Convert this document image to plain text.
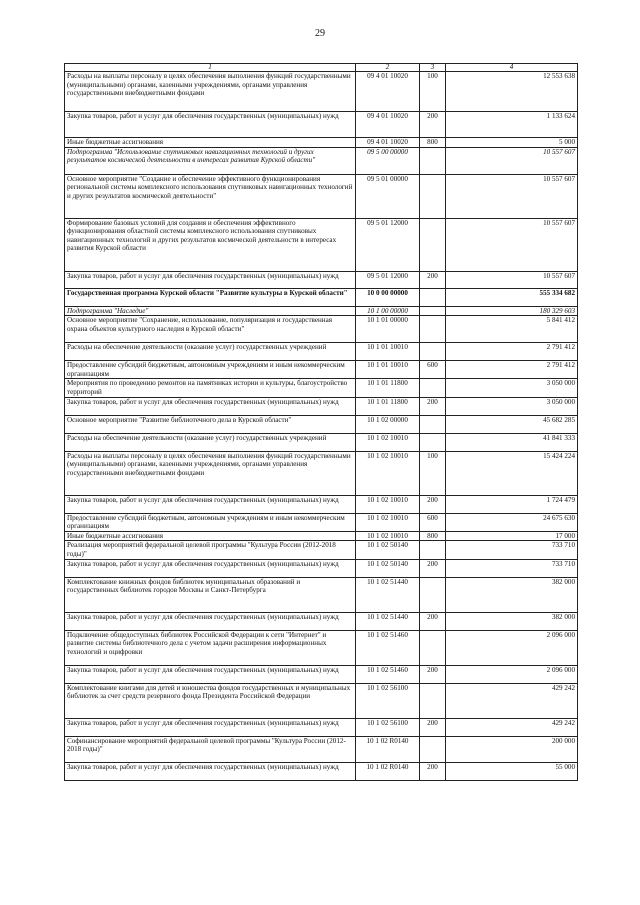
29
1	2	3	4
Расходы на выплаты персоналу в целях обеспечения выполнения функций государственными (муниципальными) органами, казенными учреждениями, органами управления государственными внебюджетными фондами	09 4 01 10020	100	12 553 638
Закупка товаров, работ и услуг для обеспечения государственных (муниципальных) нужд	09 4 01 10020	200	1 133 624
Иные бюджетные ассигнования	09 4 01 10020	800	5 000
Подпрограмма "Использование спутниковых навигационных технологий и других результатов космической деятельности в интересах развития Курской области"	09 5 00 00000		10 557 607
Основное мероприятие "Создание и обеспечение эффективного функционирования региональной системы комплексного использования спутниковых навигационных технологий и других результатов космической деятельности"	09 5 01 00000		10 557 607
Формирование базовых условий для создания и обеспечения эффективного функционирования областной системы комплексного использования спутниковых навигационных технологий и других результатов космической деятельности в интересах развития Курской области	09 5 01 12000		10 557 607
Закупка товаров, работ и услуг для обеспечения государственных (муниципальных) нужд	09 5 01 12000	200	10 557 607
Государственная программа Курской области "Развитие культуры в Курской области"	10 0 00 00000		555 334 682
Подпрограмма "Наследие"	10 1 00 00000		180 329 603
Основное мероприятие "Сохранение, использование, популяризация и государственная охрана объектов культурного наследия в Курской области"	10 1 01 00000		5 841 412
Расходы на обеспечение деятельности (оказание услуг) государственных учреждений	10 1 01 10010		2 791 412
Предоставление субсидий бюджетным, автономным учреждениям и иным некоммерческим организациям	10 1 01 10010	600	2 791 412
Мероприятия по проведению ремонтов на памятниках истории и культуры, благоустройство территорий	10 1 01 11800		3 050 000
Закупка товаров, работ и услуг для обеспечения государственных (муниципальных) нужд	10 1 01 11800	200	3 050 000
Основное мероприятие "Развитие библиотечного дела в Курской области"	10 1 02 00000		45 682 285
Расходы на обеспечение деятельности (оказание услуг) государственных учреждений	10 1 02 10010		41 841 333
Расходы на выплаты персоналу в целях обеспечения выполнения функций государственными (муниципальными) органами, казенными учреждениями, органами управления государственными внебюджетными фондами	10 1 02 10010	100	15 424 224
Закупка товаров, работ и услуг для обеспечения государственных (муниципальных) нужд	10 1 02 10010	200	1 724 479
Предоставление субсидий бюджетным, автономным учреждениям и иным некоммерческим организациям	10 1 02 10010	600	24 675 630
Иные бюджетные ассигнования	10 1 02 10010	800	17 000
Реализация мероприятий федеральной целевой программы "Культура России (2012-2018 годы)"	10 1 02 50140		733 710
Закупка товаров, работ и услуг для обеспечения государственных (муниципальных) нужд	10 1 02 50140	200	733 710
Комплектование книжных фондов библиотек муниципальных образований и государственных библиотек городов Москвы и Санкт-Петербурга	10 1 02 51440		382 000
Закупка товаров, работ и услуг для обеспечения государственных (муниципальных) нужд	10 1 02 51440	200	382 000
Подключение общедоступных библиотек Российской Федерации к сети "Интернет" и развитие системы библиотечного дела с учетом задачи расширения информационных технологий и оцифровки	10 1 02 51460		2 096 000
Закупка товаров, работ и услуг для обеспечения государственных (муниципальных) нужд	10 1 02 51460	200	2 096 000
Комплектование книгами для детей и юношества фондов государственных и муниципальных библиотек за счет средств резервного фонда Президента Российской Федерации	10 1 02 56100		429 242
Закупка товаров, работ и услуг для обеспечения государственных (муниципальных) нужд	10 1 02 56100	200	429 242
Софинансирование мероприятий федеральной целевой программы "Культура России (2012-2018 годы)"	10 1 02 R0140		200 000
Закупка товаров, работ и услуг для обеспечения государственных (муниципальных) нужд	10 1 02 R0140	200	55 000
